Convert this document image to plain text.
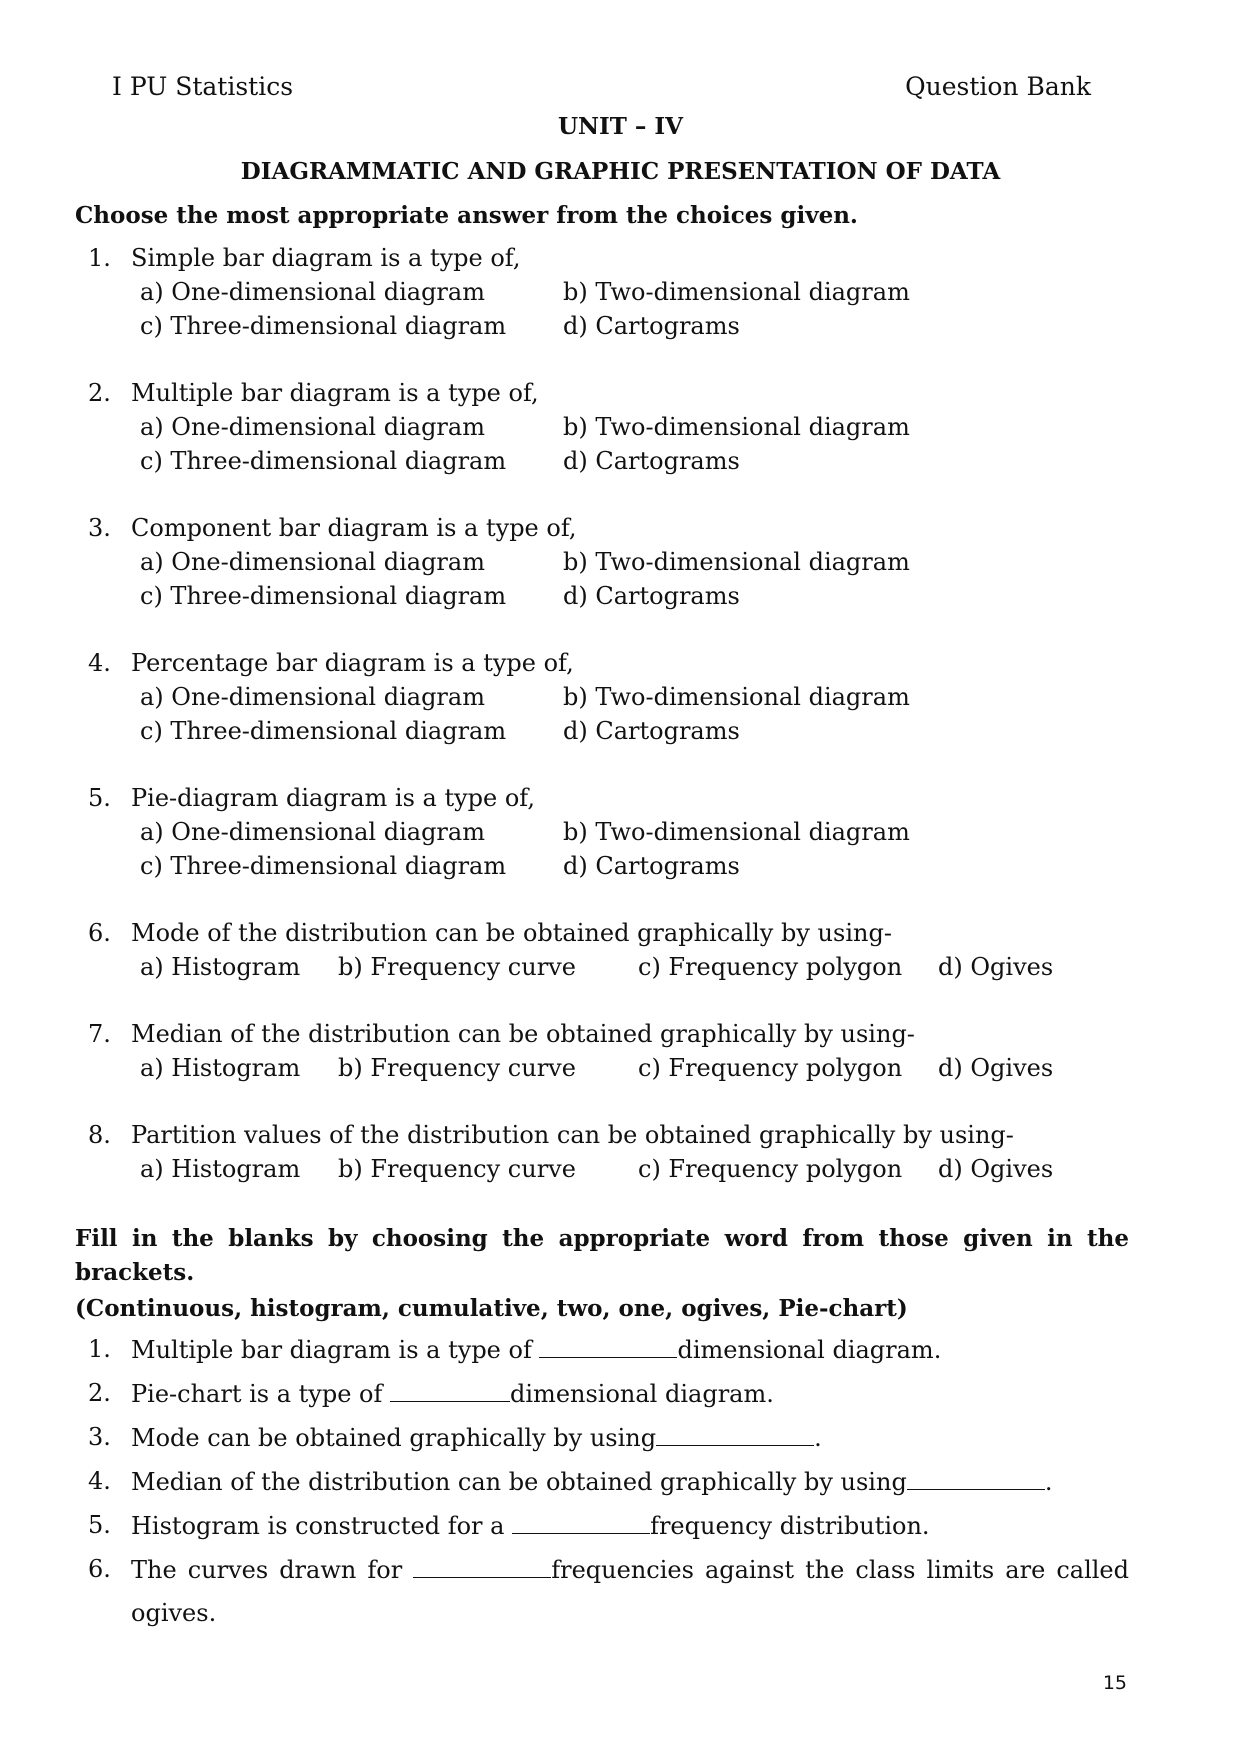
I PU Statistics	Question Bank
UNIT – IV
DIAGRAMMATIC AND GRAPHIC PRESENTATION OF DATA
Choose the most appropriate answer from the choices given.
1. Simple bar diagram is a type of,
a) One-dimensional diagram	b) Two-dimensional diagram
c) Three-dimensional diagram d) Cartograms
2. Multiple bar diagram is a type of,
a) One-dimensional diagram	b) Two-dimensional diagram
c) Three-dimensional diagram d) Cartograms
3. Component bar diagram is a type of,
a) One-dimensional diagram	b) Two-dimensional diagram
c) Three-dimensional diagram d) Cartograms
4. Percentage bar diagram is a type of,
a) One-dimensional diagram	b) Two-dimensional diagram
c) Three-dimensional diagram d) Cartograms
5. Pie-diagram diagram is a type of,
a) One-dimensional diagram	b) Two-dimensional diagram
c) Three-dimensional diagram d) Cartograms
6. Mode of the distribution can be obtained graphically by using-
a) Histogram b) Frequency curve	c) Frequency polygon d) Ogives
7. Median of the distribution can be obtained graphically by using-
a) Histogram b) Frequency curve	c) Frequency polygon d) Ogives
8. Partition values of the distribution can be obtained graphically by using-
a) Histogram b) Frequency curve	c) Frequency polygon d) Ogives
Fill in the blanks by choosing the appropriate word from those given in the
brackets.
(Continuous, histogram, cumulative, two, one, ogives, Pie-chart)
1. Multiple bar diagram is a type of	dimensional diagram.
2. Pie-chart is a type of	dimensional diagram.
3. Mode can be obtained graphically by using	.
4. Median of the distribution can be obtained graphically by using	.
5. Histogram is constructed for a	frequency distribution.
6. The curves drawn for	frequencies against the class limits are called
ogives.
15
